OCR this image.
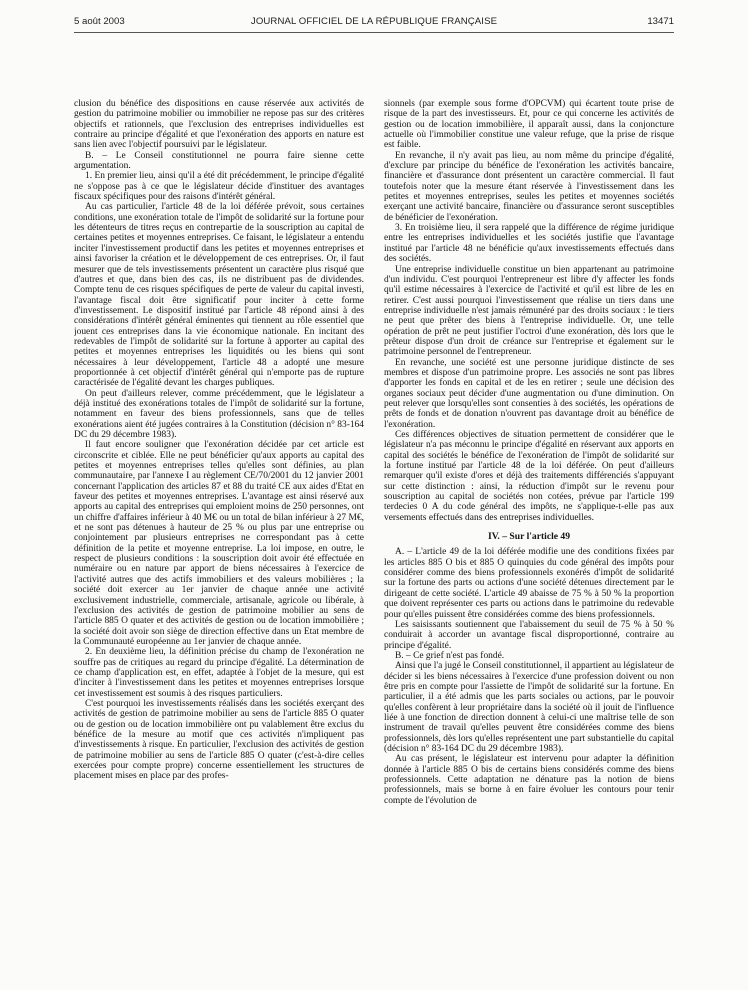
5 août 2003	JOURNAL OFFICIEL DE LA RÉPUBLIQUE FRANÇAISE	13471

clusion du bénéfice des dispositions en cause réservée aux activités de gestion du patrimoine mobilier ou immobilier ne repose pas sur des critères objectifs et rationnels, que l'exclusion des entreprises individuelles est contraire au principe d'égalité et que l'exonération des apports en nature est sans lien avec l'objectif poursuivi par le législateur.

B. – Le Conseil constitutionnel ne pourra faire sienne cette argumentation.

1. En premier lieu, ainsi qu'il a été dit précédemment, le principe d'égalité ne s'oppose pas à ce que le législateur décide d'instituer des avantages fiscaux spécifiques pour des raisons d'intérêt général.

Au cas particulier, l'article 48 de la loi déférée prévoit, sous certaines conditions, une exonération totale de l'impôt de solidarité sur la fortune pour les détenteurs de titres reçus en contrepartie de la souscription au capital de certaines petites et moyennes entreprises. Ce faisant, le législateur a entendu inciter l'investissement productif dans les petites et moyennes entreprises et ainsi favoriser la création et le développement de ces entreprises. Or, il faut mesurer que de tels investissements présentent un caractère plus risqué que d'autres et que, dans bien des cas, ils ne distribuent pas de dividendes. Compte tenu de ces risques spécifiques de perte de valeur du capital investi, l'avantage fiscal doit être significatif pour inciter à cette forme d'investissement. Le dispositif institué par l'article 48 répond ainsi à des considérations d'intérêt général éminentes qui tiennent au rôle essentiel que jouent ces entreprises dans la vie économique nationale. En incitant des redevables de l'impôt de solidarité sur la fortune à apporter au capital des petites et moyennes entreprises les liquidités ou les biens qui sont nécessaires à leur développement, l'article 48 a adopté une mesure proportionnée à cet objectif d'intérêt général qui n'emporte pas de rupture caractérisée de l'égalité devant les charges publiques.

On peut d'ailleurs relever, comme précédemment, que le législateur a déjà institué des exonérations totales de l'impôt de solidarité sur la fortune, notamment en faveur des biens professionnels, sans que de telles exonérations aient été jugées contraires à la Constitution (décision n° 83-164 DC du 29 décembre 1983).

Il faut encore souligner que l'exonération décidée par cet article est circonscrite et ciblée. Elle ne peut bénéficier qu'aux apports au capital des petites et moyennes entreprises telles qu'elles sont définies, au plan communautaire, par l'annexe I au règlement CE/70/2001 du 12 janvier 2001 concernant l'application des articles 87 et 88 du traité CE aux aides d'Etat en faveur des petites et moyennes entreprises. L'avantage est ainsi réservé aux apports au capital des entreprises qui emploient moins de 250 personnes, ont un chiffre d'affaires inférieur à 40 M€ ou un total de bilan inférieur à 27 M€, et ne sont pas détenues à hauteur de 25 % ou plus par une entreprise ou conjointement par plusieurs entreprises ne correspondant pas à cette définition de la petite et moyenne entreprise. La loi impose, en outre, le respect de plusieurs conditions : la souscription doit avoir été effectuée en numéraire ou en nature par apport de biens nécessaires à l'exercice de l'activité autres que des actifs immobiliers et des valeurs mobilières ; la société doit exercer au 1er janvier de chaque année une activité exclusivement industrielle, commerciale, artisanale, agricole ou libérale, à l'exclusion des activités de gestion de patrimoine mobilier au sens de l'article 885 O quater et des activités de gestion ou de location immobilière ; la société doit avoir son siège de direction effective dans un Etat membre de la Communauté européenne au 1er janvier de chaque année.

2. En deuxième lieu, la définition précise du champ de l'exonération ne souffre pas de critiques au regard du principe d'égalité. La détermination de ce champ d'application est, en effet, adaptée à l'objet de la mesure, qui est d'inciter à l'investissement dans les petites et moyennes entreprises lorsque cet investissement est soumis à des risques particuliers.

C'est pourquoi les investissements réalisés dans les sociétés exerçant des activités de gestion de patrimoine mobilier au sens de l'article 885 O quater ou de gestion ou de location immobilière ont pu valablement être exclus du bénéfice de la mesure au motif que ces activités n'impliquent pas d'investissements à risque. En particulier, l'exclusion des activités de gestion de patrimoine mobilier au sens de l'article 885 O quater (c'est-à-dire celles exercées pour compte propre) concerne essentiellement les structures de placement mises en place par des profes-

sionnels (par exemple sous forme d'OPCVM) qui écartent toute prise de risque de la part des investisseurs. Et, pour ce qui concerne les activités de gestion ou de location immobilière, il apparaît aussi, dans la conjoncture actuelle où l'immobilier constitue une valeur refuge, que la prise de risque est faible.

En revanche, il n'y avait pas lieu, au nom même du principe d'égalité, d'exclure par principe du bénéfice de l'exonération les activités bancaire, financière et d'assurance dont présentent un caractère commercial. Il faut toutefois noter que la mesure étant réservée à l'investissement dans les petites et moyennes entreprises, seules les petites et moyennes sociétés exerçant une activité bancaire, financière ou d'assurance seront susceptibles de bénéficier de l'exonération.

3. En troisième lieu, il sera rappelé que la différence de régime juridique entre les entreprises individuelles et les sociétés justifie que l'avantage institué par l'article 48 ne bénéficie qu'aux investissements effectués dans des sociétés.

Une entreprise individuelle constitue un bien appartenant au patrimoine d'un individu. C'est pourquoi l'entrepreneur est libre d'y affecter les fonds qu'il estime nécessaires à l'exercice de l'activité et qu'il est libre de les en retirer. C'est aussi pourquoi l'investissement que réalise un tiers dans une entreprise individuelle n'est jamais rémunéré par des droits sociaux : le tiers ne peut que prêter des biens à l'entreprise individuelle. Or, une telle opération de prêt ne peut justifier l'octroi d'une exonération, dès lors que le prêteur dispose d'un droit de créance sur l'entreprise et également sur le patrimoine personnel de l'entrepreneur.

En revanche, une société est une personne juridique distincte de ses membres et dispose d'un patrimoine propre. Les associés ne sont pas libres d'apporter les fonds en capital et de les en retirer ; seule une décision des organes sociaux peut décider d'une augmentation ou d'une diminution. On peut relever que lorsqu'elles sont consenties à des sociétés, les opérations de prêts de fonds et de donation n'ouvrent pas davantage droit au bénéfice de l'exonération.

Ces différences objectives de situation permettent de considérer que le législateur n'a pas méconnu le principe d'égalité en réservant aux apports en capital des sociétés le bénéfice de l'exonération de l'impôt de solidarité sur la fortune institué par l'article 48 de la loi déférée. On peut d'ailleurs remarquer qu'il existe d'ores et déjà des traitements différenciés s'appuyant sur cette distinction : ainsi, la réduction d'impôt sur le revenu pour souscription au capital de sociétés non cotées, prévue par l'article 199 terdecies 0 A du code général des impôts, ne s'applique-t-elle pas aux versements effectués dans des entreprises individuelles.

IV. – Sur l'article 49

A. – L'article 49 de la loi déférée modifie une des conditions fixées par les articles 885 O bis et 885 O quinquies du code général des impôts pour considérer comme des biens professionnels exonérés d'impôt de solidarité sur la fortune des parts ou actions d'une société détenues directement par le dirigeant de cette société. L'article 49 abaisse de 75 % à 50 % la proportion que doivent représenter ces parts ou actions dans le patrimoine du redevable pour qu'elles puissent être considérées comme des biens professionnels.

Les saisissants soutiennent que l'abaissement du seuil de 75 % à 50 % conduirait à accorder un avantage fiscal disproportionné, contraire au principe d'égalité.

B. – Ce grief n'est pas fondé.

Ainsi que l'a jugé le Conseil constitutionnel, il appartient au législateur de décider si les biens nécessaires à l'exercice d'une profession doivent ou non être pris en compte pour l'assiette de l'impôt de solidarité sur la fortune. En particulier, il a été admis que les parts sociales ou actions, par le pouvoir qu'elles confèrent à leur propriétaire dans la société où il jouit de l'influence liée à une fonction de direction donnent à celui-ci une maîtrise telle de son instrument de travail qu'elles peuvent être considérées comme des biens professionnels, dès lors qu'elles représentent une part substantielle du capital (décision n° 83-164 DC du 29 décembre 1983).

Au cas présent, le législateur est intervenu pour adapter la définition donnée à l'article 885 O bis de certains biens considérés comme des biens professionnels. Cette adaptation ne dénature pas la notion de biens professionnels, mais se borne à en faire évoluer les contours pour tenir compte de l'évolution de
